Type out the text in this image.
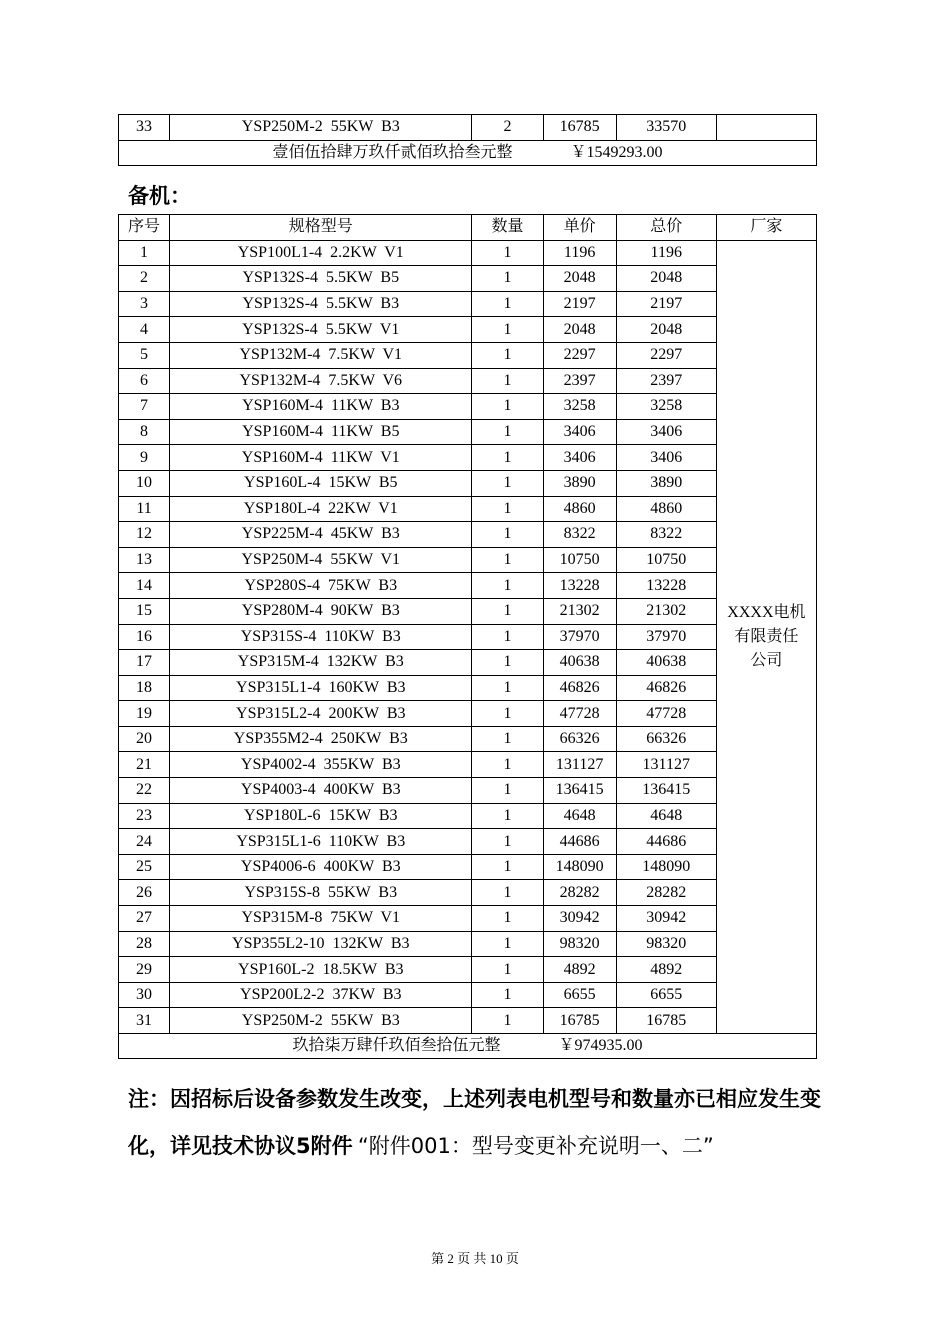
33	YSP250M-2  55KW  B3	2	16785	33570	
壹佰伍拾肆万玖仟贰佰玖拾叁元整	￥1549293.00
备机：
序号	规格型号	数量	单价	总价	厂家
1	YSP100L1-4  2.2KW  V1	1	1196	1196	XXXX电机有限责任公司
2	YSP132S-4  5.5KW  B5	1	2048	2048	
3	YSP132S-4  5.5KW  B3	1	2197	2197	
4	YSP132S-4  5.5KW  V1	1	2048	2048	
5	YSP132M-4  7.5KW  V1	1	2297	2297	
6	YSP132M-4  7.5KW  V6	1	2397	2397	
7	YSP160M-4  11KW  B3	1	3258	3258	
8	YSP160M-4  11KW  B5	1	3406	3406	
9	YSP160M-4  11KW  V1	1	3406	3406	
10	YSP160L-4  15KW  B5	1	3890	3890	
11	YSP180L-4  22KW  V1	1	4860	4860	
12	YSP225M-4  45KW  B3	1	8322	8322	
13	YSP250M-4  55KW  V1	1	10750	10750	
14	YSP280S-4  75KW  B3	1	13228	13228	
15	YSP280M-4  90KW  B3	1	21302	21302	
16	YSP315S-4  110KW  B3	1	37970	37970	
17	YSP315M-4  132KW  B3	1	40638	40638	
18	YSP315L1-4  160KW  B3	1	46826	46826	
19	YSP315L2-4  200KW  B3	1	47728	47728	
20	YSP355M2-4  250KW  B3	1	66326	66326	
21	YSP4002-4  355KW  B3	1	131127	131127	
22	YSP4003-4  400KW  B3	1	136415	136415	
23	YSP180L-6  15KW  B3	1	4648	4648	
24	YSP315L1-6  110KW  B3	1	44686	44686	
25	YSP4006-6  400KW  B3	1	148090	148090	
26	YSP315S-8  55KW  B3	1	28282	28282	
27	YSP315M-8  75KW  V1	1	30942	30942	
28	YSP355L2-10  132KW  B3	1	98320	98320	
29	YSP160L-2  18.5KW  B3	1	4892	4892	
30	YSP200L2-2  37KW  B3	1	6655	6655	
31	YSP250M-2  55KW  B3	1	16785	16785	
玖拾柒万肆仟玖佰叁拾伍元整 ￥974935.00					
注：因招标后设备参数发生改变，上述列表电机型号和数量亦已相应发生变化，详见技术协议5附件 “附件001：型号变更补充说明一、二”
第 2 页 共 10 页
